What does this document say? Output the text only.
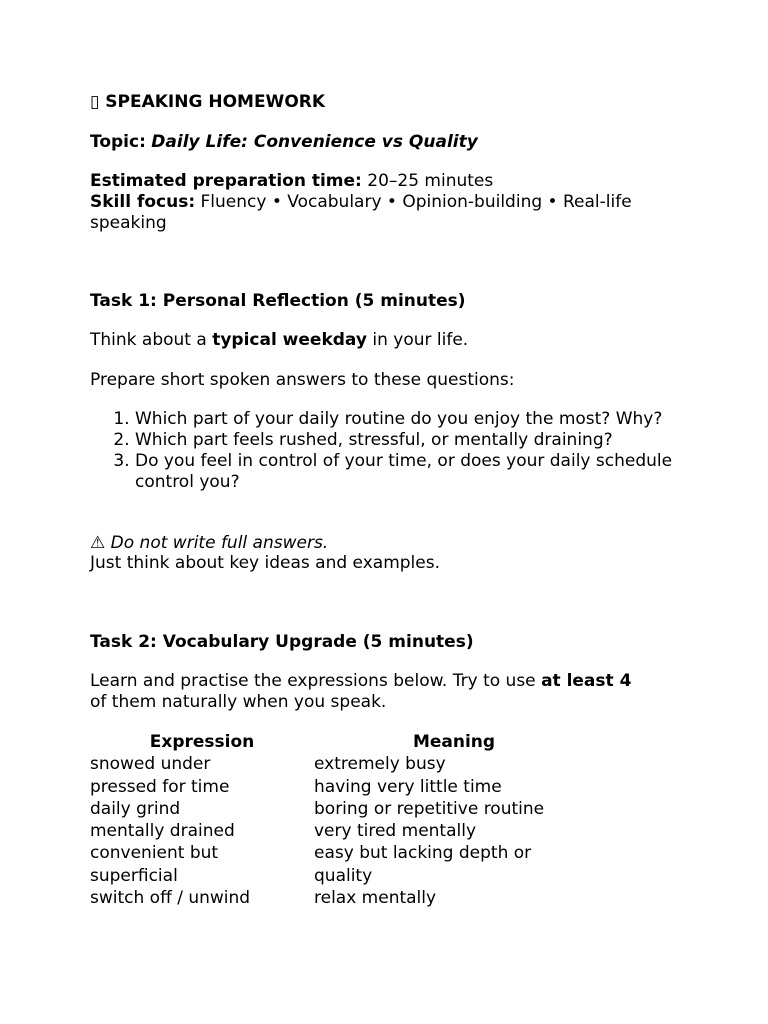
▯ SPEAKING HOMEWORK
Topic: Daily Life: Convenience vs Quality
Estimated preparation time: 20–25 minutes
Skill focus: Fluency • Vocabulary • Opinion-building • Real-life
speaking
Task 1: Personal Reflection (5 minutes)
Think about a typical weekday in your life.
Prepare short spoken answers to these questions:
1. Which part of your daily routine do you enjoy the most? Why?
2. Which part feels rushed, stressful, or mentally draining?
3. Do you feel in control of your time, or does your daily schedule control you?
⚠ Do not write full answers.
Just think about key ideas and examples.
Task 2: Vocabulary Upgrade (5 minutes)
Learn and practise the expressions below. Try to use at least 4
of them naturally when you speak.
Expression	Meaning
snowed under	extremely busy
pressed for time	having very little time
daily grind	boring or repetitive routine
mentally drained	very tired mentally
convenient but superficial	easy but lacking depth or quality
switch off / unwind	relax mentally
